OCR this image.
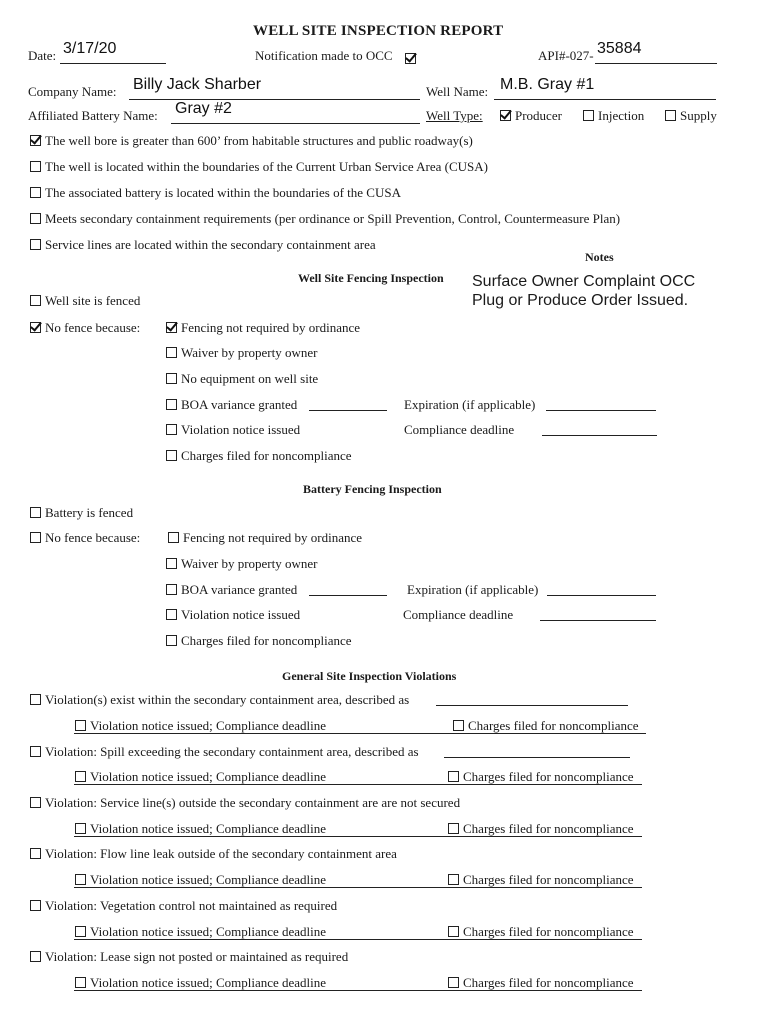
WELL SITE INSPECTION REPORT
Date: 3/17/20	Notification made to OCC	API#-027- 35884
Company Name: Billy Jack Sharber	Well Name: M.B. Gray #1
Affiliated Battery Name: Gray #2	Well Type:	Producer	Injection	Supply
The well bore is greater than 600’ from habitable structures and public roadway(s)
The well is located within the boundaries of the Current Urban Service Area (CUSA)
The associated battery is located within the boundaries of the CUSA
Meets secondary containment requirements (per ordinance or Spill Prevention, Control, Countermeasure Plan)
Service lines are located within the secondary containment area
Notes
Surface Owner Complaint OCC Plug or Produce Order Issued.
Well Site Fencing Inspection
Well site is fenced
No fence because:	Fencing not required by ordinance
Waiver by property owner
No equipment on well site
BOA variance granted	Expiration (if applicable)
Violation notice issued	Compliance deadline
Charges filed for noncompliance
Battery Fencing Inspection
Battery is fenced
No fence because:	Fencing not required by ordinance
Waiver by property owner
BOA variance granted	Expiration (if applicable)
Violation notice issued	Compliance deadline
Charges filed for noncompliance
General Site Inspection Violations
Violation(s) exist within the secondary containment area, described as
Violation notice issued; Compliance deadline	Charges filed for noncompliance
Violation: Spill exceeding the secondary containment area, described as
Violation notice issued; Compliance deadline	Charges filed for noncompliance
Violation: Service line(s) outside the secondary containment are are not secured
Violation notice issued; Compliance deadline	Charges filed for noncompliance
Violation: Flow line leak outside of the secondary containment area
Violation notice issued; Compliance deadline	Charges filed for noncompliance
Violation: Vegetation control not maintained as required
Violation notice issued; Compliance deadline	Charges filed for noncompliance
Violation: Lease sign not posted or maintained as required
Violation notice issued; Compliance deadline	Charges filed for noncompliance
